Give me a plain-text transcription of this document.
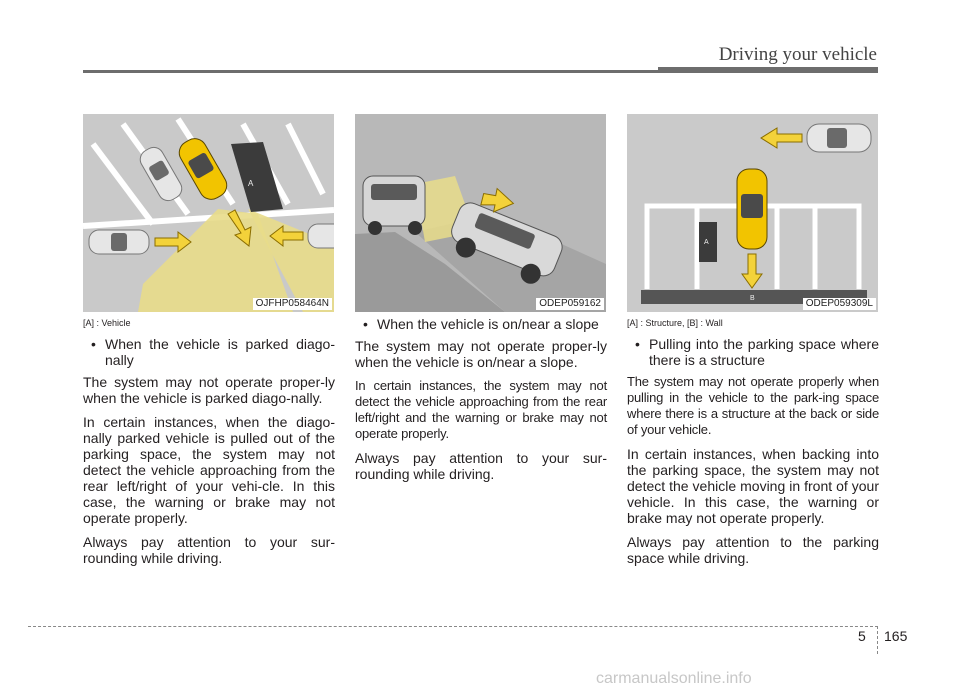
Driving your vehicle
A
OJFHP058464N	ODEP059162
A
B	ODEP059309L
[A] : Vehicle
• When the vehicle is parked diago-nally

The system may not operate proper-ly when the vehicle is parked diago-nally.

In certain instances, when the diago-nally parked vehicle is pulled out of the parking space, the system may not detect the vehicle approaching from the rear left/right of your vehi-cle. In this case, the warning or brake may not operate properly.

Always pay attention to your sur-rounding while driving.

• When the vehicle is on/near a slope

The system may not operate proper-ly when the vehicle is on/near a slope.

In certain instances, the system may not detect the vehicle approaching from the rear left/right and the warning or brake may not operate properly.

Always pay attention to your sur-rounding while driving.

[A] : Structure, [B] : Wall
• Pulling into the parking space where there is a structure

The system may not operate properly when pulling in the vehicle to the park-ing space where there is a structure at the back or side of your vehicle.

In certain instances, when backing into the parking space, the system may not detect the vehicle moving in front of your vehicle. In this case, the warning or brake may not operate properly.

Always pay attention to the parking space while driving.

5 165
carmanualsonline.info
